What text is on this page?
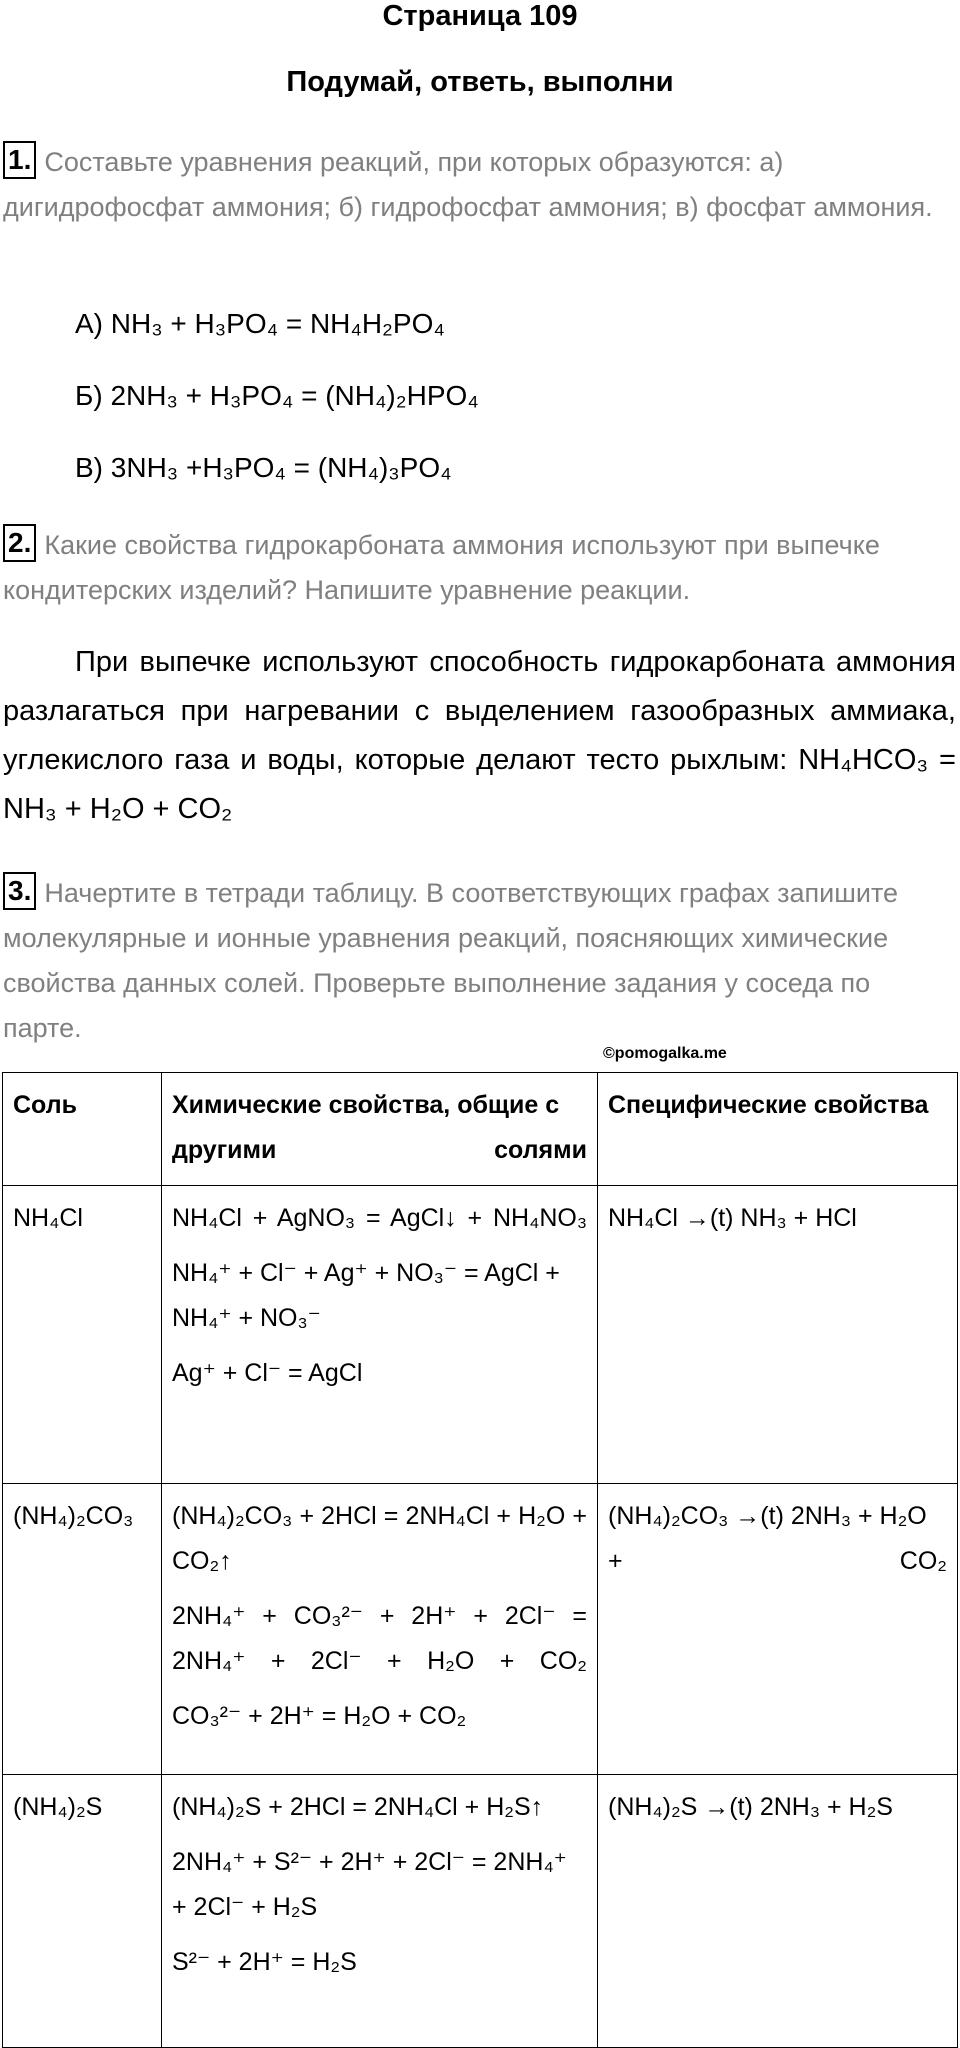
Страница 109
Подумай, ответь, выполни
1. Составьте уравнения реакций, при которых образуются: а) дигидрофосфат аммония; б) гидрофосфат аммония; в) фосфат аммония.
А) NH₃ + H₃PO₄ = NH₄H₂PO₄
Б) 2NH₃ + H₃PO₄ = (NH₄)₂HPO₄
В) 3NH₃ +H₃PO₄ = (NH₄)₃PO₄
2. Какие свойства гидрокарбоната аммония используют при выпечке кондитерских изделий? Напишите уравнение реакции.
При выпечке используют способность гидрокарбоната аммония разлагаться при нагревании с выделением газообразных аммиака, углекислого газа и воды, которые делают тесто рыхлым: NH₄HCO₃ = NH₃ + H₂O + CO₂
3. Начертите в тетради таблицу. В соответствующих графах запишите молекулярные и ионные уравнения реакций, поясняющих химические свойства данных солей. Проверьте выполнение задания у соседа по парте.
©pomogalka.me
Соль	Химические свойства, общие с другими солями	Специфические свойства
NH₄Cl	NH₄Cl + AgNO₃ = AgCl↓ + NH₄NO₃
NH₄⁺ + Cl⁻ + Ag⁺ + NO₃⁻ = AgCl + NH₄⁺ + NO₃⁻
Ag⁺ + Cl⁻ = AgCl	NH₄Cl →(t) NH₃ + HCl
(NH₄)₂CO₃	(NH₄)₂CO₃ + 2HCl = 2NH₄Cl + H₂O + CO₂↑
2NH₄⁺ + CO₃²⁻ + 2H⁺ + 2Cl⁻ = 2NH₄⁺ + 2Cl⁻ + H₂O + CO₂
CO₃²⁻ + 2H⁺ = H₂O + CO₂	(NH₄)₂CO₃ →(t) 2NH₃ + H₂O + CO₂
(NH₄)₂S	(NH₄)₂S + 2HCl = 2NH₄Cl + H₂S↑
2NH₄⁺ + S²⁻ + 2H⁺ + 2Cl⁻ = 2NH₄⁺ + 2Cl⁻ + H₂S
S²⁻ + 2H⁺ = H₂S	(NH₄)₂S →(t) 2NH₃ + H₂S
